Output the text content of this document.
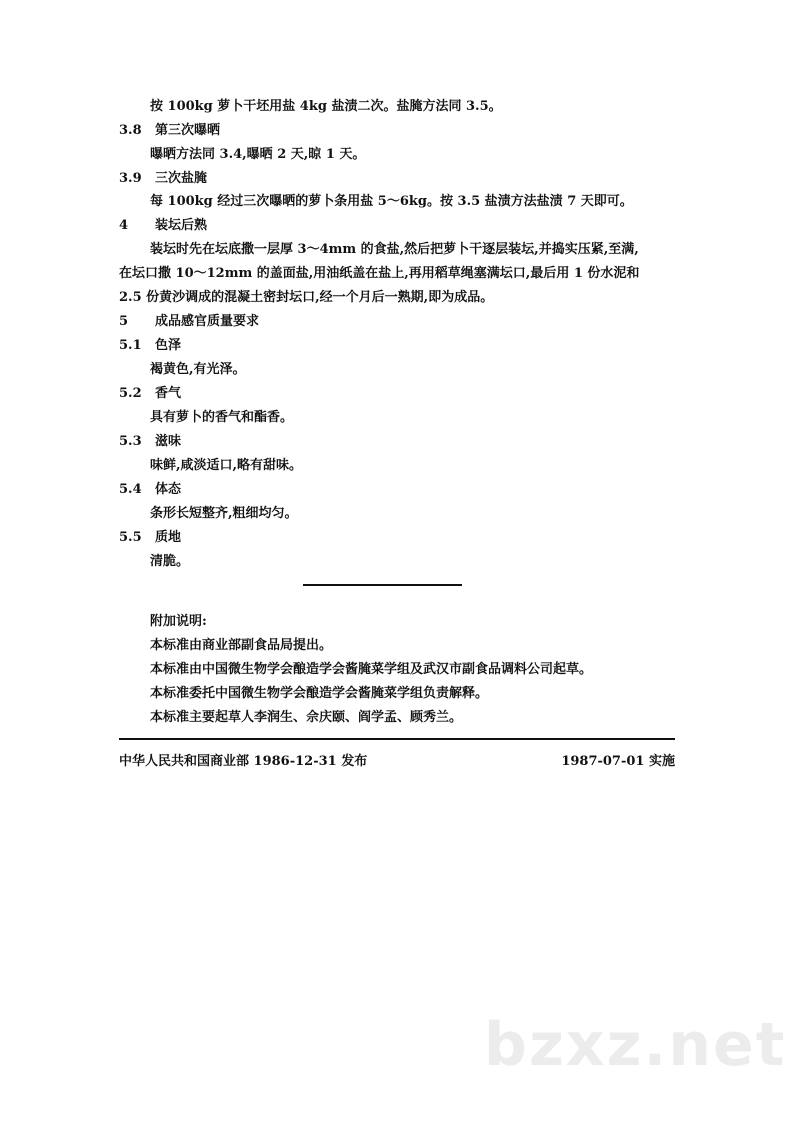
按 100kg 萝卜干坯用盐 4kg 盐渍二次。盐腌方法同 3.5。
3.8 第三次曝晒
曝晒方法同 3.4,曝晒 2 天,晾 1 天。
3.9 三次盐腌
每 100kg 经过三次曝晒的萝卜条用盐 5～6kg。按 3.5 盐渍方法盐渍 7 天即可。
4 装坛后熟
装坛时先在坛底撒一层厚 3～4mm 的食盐,然后把萝卜干逐层装坛,并捣实压紧,至满,
在坛口撒 10～12mm 的盖面盐,用油纸盖在盐上,再用稻草绳塞满坛口,最后用 1 份水泥和
2.5 份黄沙调成的混凝土密封坛口,经一个月后一熟期,即为成品。
5 成品感官质量要求
5.1 色泽
褐黄色,有光泽。
5.2 香气
具有萝卜的香气和酯香。
5.3 滋味
味鲜,咸淡适口,略有甜味。
5.4 体态
条形长短整齐,粗细均匀。
5.5 质地
清脆。
附加说明:
本标准由商业部副食品局提出。
本标准由中国微生物学会酿造学会酱腌菜学组及武汉市副食品调料公司起草。
本标准委托中国微生物学会酿造学会酱腌菜学组负责解释。
本标准主要起草人李润生、佘庆颐、阎学孟、顾秀兰。
中华人民共和国商业部 1986-12-31 发布	1987-07-01 实施
bzxz.net
